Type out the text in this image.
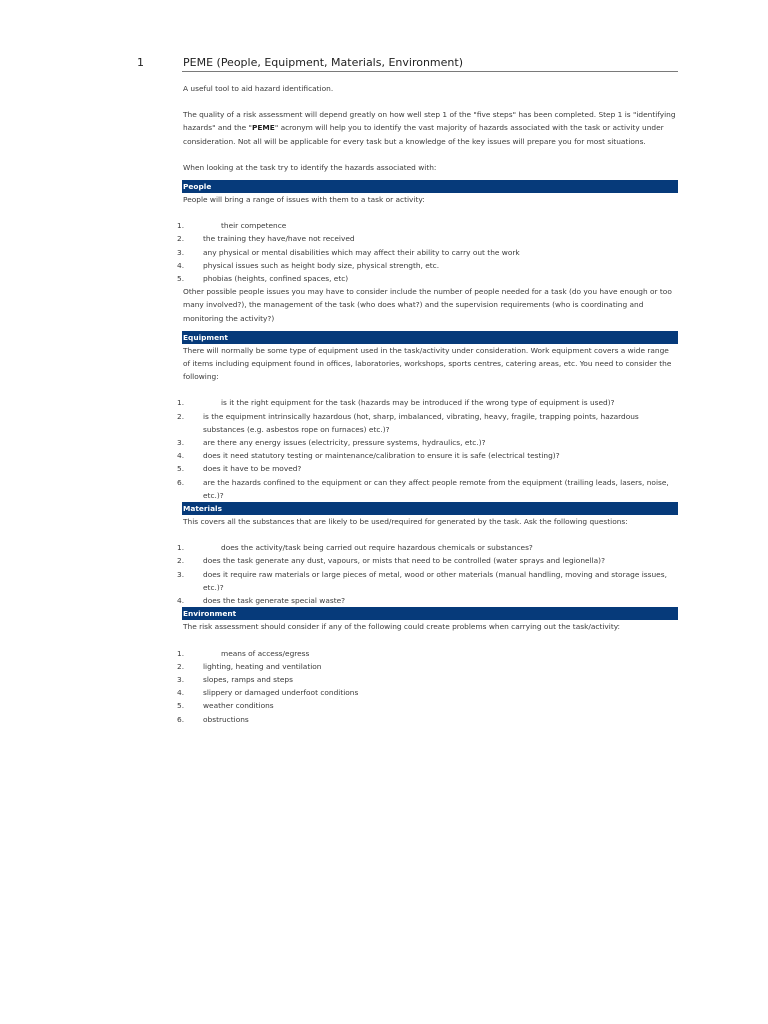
1	PEME (People, Equipment, Materials, Environment)

A useful tool to aid hazard identification.

The quality of a risk assessment will depend greatly on how well step 1 of the "five steps" has been completed. Step 1 is "identifying hazards" and the "PEME" acronym will help you to identify the vast majority of hazards associated with the task or activity under consideration. Not all will be applicable for every task but a knowledge of the key issues will prepare you for most situations.

When looking at the task try to identify the hazards associated with:

People

People will bring a range of issues with them to a task or activity:

1.	their competence
2.	the training they have/have not received
3.	any physical or mental disabilities which may affect their ability to carry out the work
4.	physical issues such as height body size, physical strength, etc.
5.	phobias (heights, confined spaces, etc)

Other possible people issues you may have to consider include the number of people needed for a task (do you have enough or too many involved?), the management of the task (who does what?) and the supervision requirements (who is coordinating and monitoring the activity?)

Equipment

There will normally be some type of equipment used in the task/activity under consideration. Work equipment covers a wide range of items including equipment found in offices, laboratories, workshops, sports centres, catering areas, etc. You need to consider the following:

1.	is it the right equipment for the task (hazards may be introduced if the wrong type of equipment is used)?
2.	is the equipment intrinsically hazardous (hot, sharp, imbalanced, vibrating, heavy, fragile, trapping points, hazardous substances (e.g. asbestos rope on furnaces) etc.)?
3.	are there any energy issues (electricity, pressure systems, hydraulics, etc.)?
4.	does it need statutory testing or maintenance/calibration to ensure it is safe (electrical testing)?
5.	does it have to be moved?
6.	are the hazards confined to the equipment or can they affect people remote from the equipment (trailing leads, lasers, noise, etc.)?
Materials

This covers all the substances that are likely to be used/required for generated by the task. Ask the following questions:

1.	does the activity/task being carried out require hazardous chemicals or substances?
2.	does the task generate any dust, vapours, or mists that need to be controlled (water sprays and legionella)?
3.	does it require raw materials or large pieces of metal, wood or other materials (manual handling, moving and storage issues, etc.)?
4.	does the task generate special waste?
Environment

The risk assessment should consider if any of the following could create problems when carrying out the task/activity:

1.	means of access/egress
2.	lighting, heating and ventilation
3.	slopes, ramps and steps
4.	slippery or damaged underfoot conditions
5.	weather conditions
6.	obstructions
